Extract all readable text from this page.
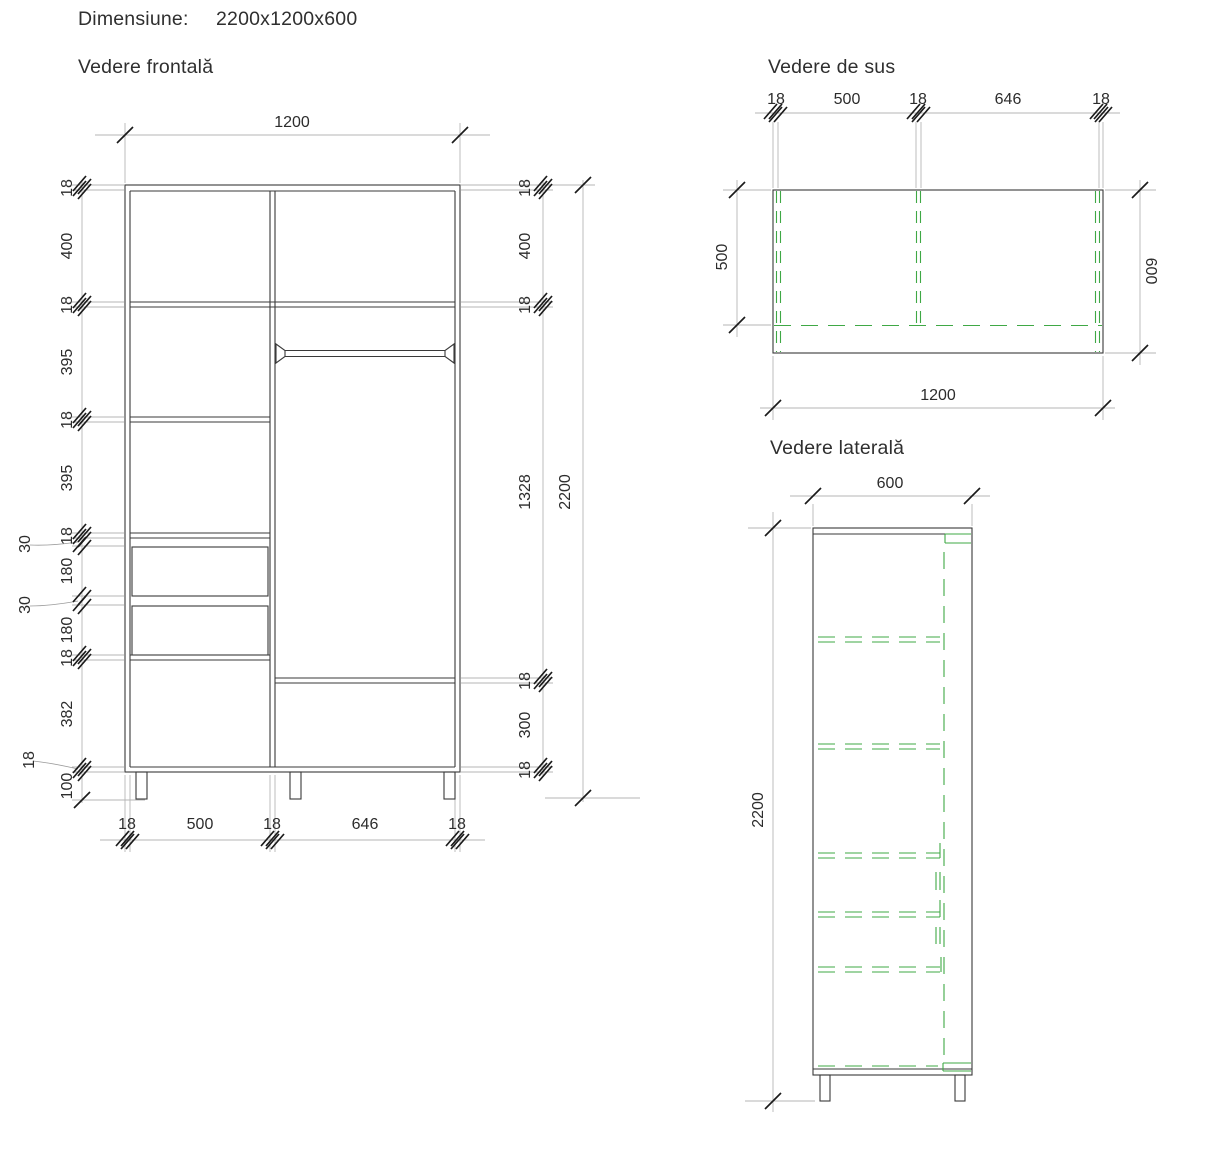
Dimensiune: 2200x1200x600
Vedere frontală	Vedere de sus
Vedere laterală
1200
18
400
18
395
18
395
18
180
180
18
382
100
30
30
18
18
400
18
1328
18
300
18
2200
18	500	18	646	18
18	500	18	646	18
500
600
1200
600
2200
